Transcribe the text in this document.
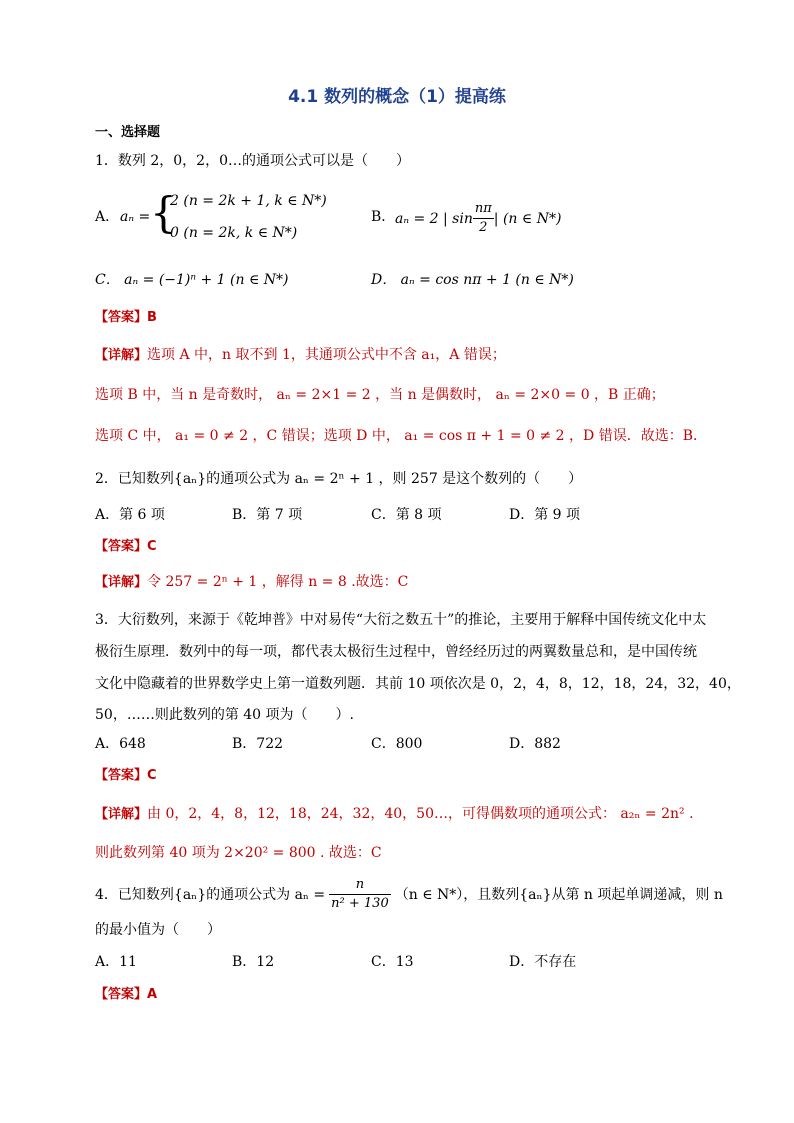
4.1 数列的概念（1）提高练
一、选择题
1．数列 2，0，2，0…的通项公式可以是（　　）
A． aₙ = {
2 (n = 2k + 1, k ∈ N*)
0 (n = 2k, k ∈ N*)
B． aₙ = 2 | $\sin \frac{n\pi}{2}$ | (n ∈ N*)
C． aₙ = (−1)ⁿ + 1 (n ∈ N*)	D． aₙ = cos nπ + 1 (n ∈ N*)
【答案】B
【详解】选项 A 中，n 取不到 1，其通项公式中不含 a₁，A 错误；
选项 B 中，当 n 是奇数时， aₙ = 2×1 = 2 ，当 n 是偶数时， aₙ = 2×0 = 0 ，B 正确；
选项 C 中， a₁ = 0 ≠ 2 ，C 错误；选项 D 中， a₁ = cos π + 1 = 0 ≠ 2 ，D 错误．故选：B．
2．已知数列{aₙ}的通项公式为 aₙ = 2ⁿ + 1 ，则 257 是这个数列的（　　）
A．第 6 项	B．第 7 项	C．第 8 项	D．第 9 项
【答案】C
【详解】令 257 = 2ⁿ + 1 ，解得 n = 8 .故选：C
3．大衍数列，来源于《乾坤普》中对易传“大衍之数五十”的推论，主要用于解释中国传统文化中太
极衍生原理．数列中的每一项，都代表太极衍生过程中，曾经经历过的两翼数量总和，是中国传统
文化中隐藏着的世界数学史上第一道数列题．其前 10 项依次是 0，2，4，8，12，18，24，32，40，
50，……则此数列的第 40 项为（　　）.
A．648	B．722	C．800	D．882
【答案】C
【详解】由 0，2，4，8，12，18，24，32，40，50…，可得偶数项的通项公式： a₂ₙ = 2n² .
则此数列第 40 项为 2×20² = 800 . 故选：C
4．已知数列{aₙ}的通项公式为 $a_n = \frac{n}{\text{n² + 130}} (n$ ∈ N*），且数列{aₙ}从第 n 项起单调递减，则 n
的最小值为（　　）
A．11	B．12	C．13	D．不存在
【答案】A
